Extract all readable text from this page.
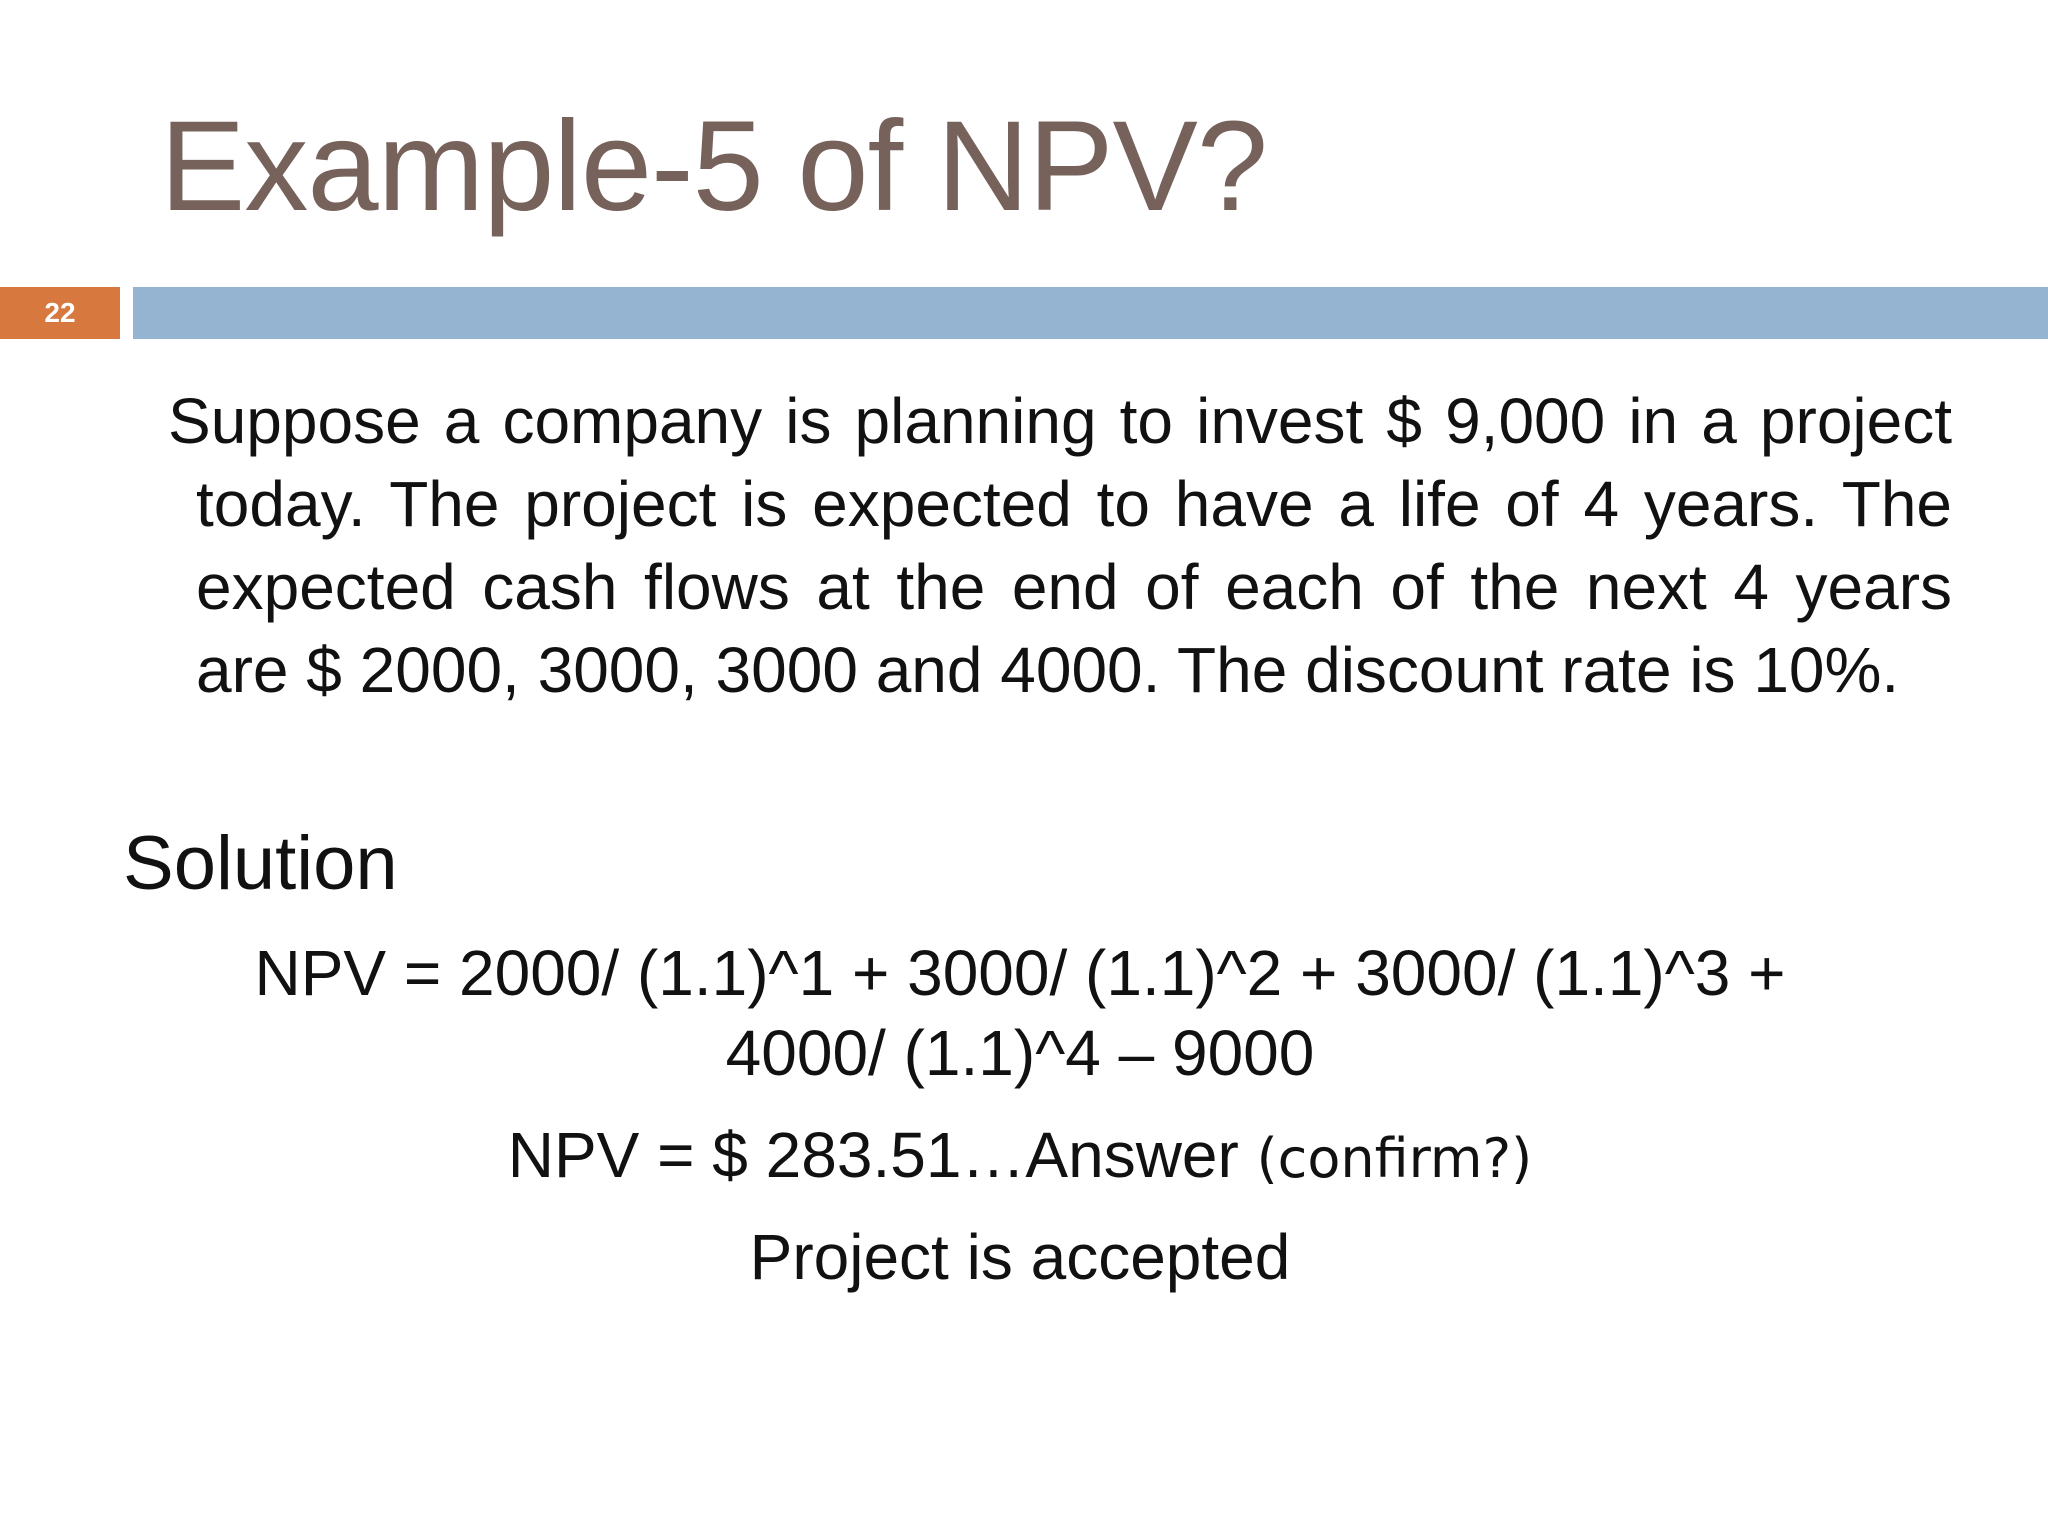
Example-5 of NPV?
22
Suppose a company is planning to invest $ 9,000 in a project today. The project is expected to have a life of 4 years. The expected cash flows at the end of each of the next 4 years are $ 2000, 3000, 3000 and 4000. The discount rate is 10%.
Solution
NPV = 2000/ (1.1)^1 + 3000/ (1.1)^2 + 3000/ (1.1)^3 +
4000/ (1.1)^4 – 9000
NPV = $ 283.51…Answer (confirm?)
Project is accepted
